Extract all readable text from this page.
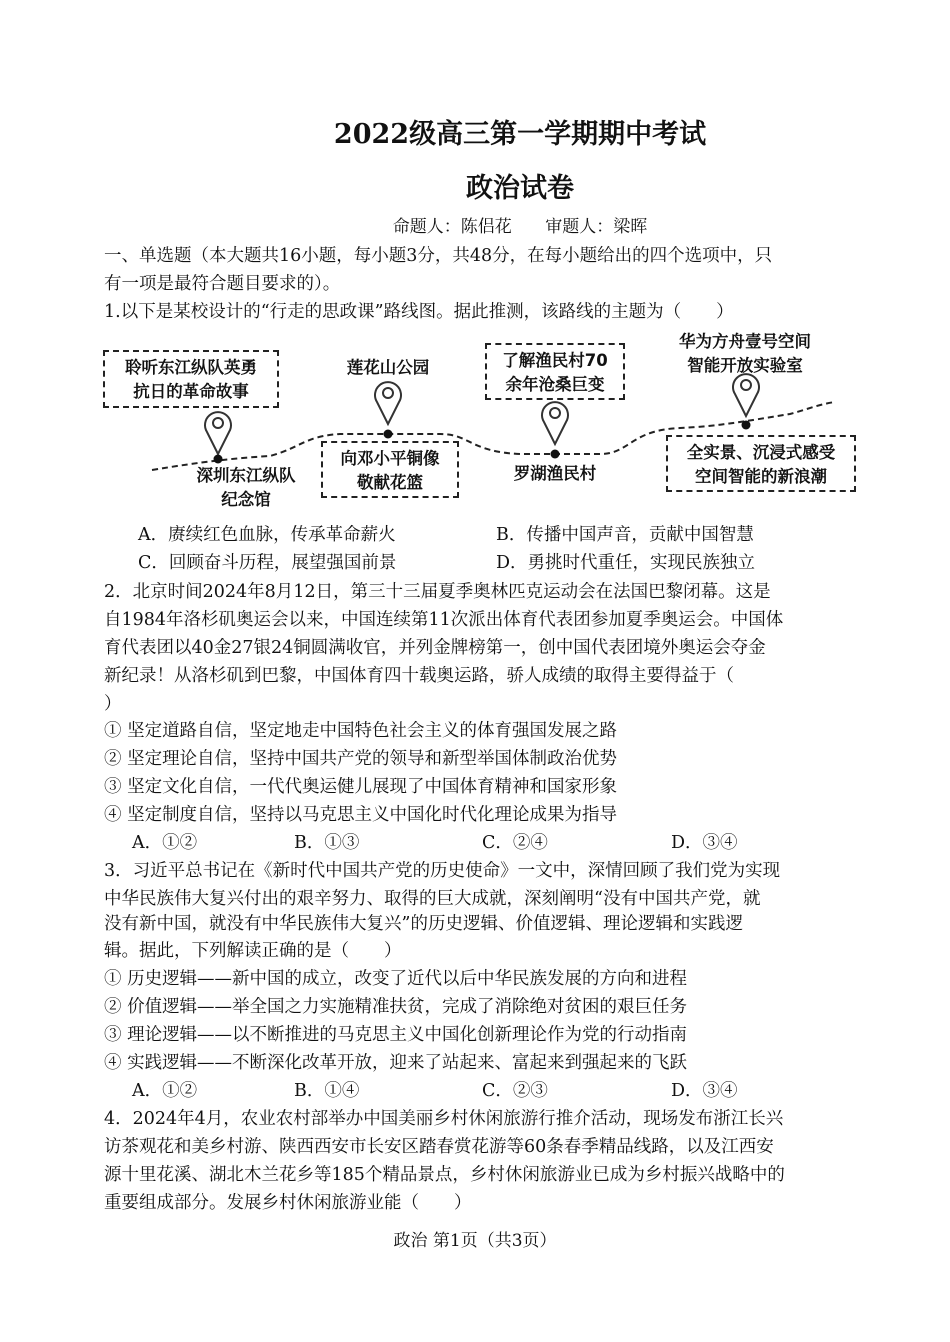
2022级高三第一学期期中考试
政治试卷
命题人：陈侣花 审题人：梁晖
一、单选题（本大题共16小题，每小题3分，共48分，在每小题给出的四个选项中，只
有一项是最符合题目要求的）。
1.以下是某校设计的“行走的思政课”路线图。据此推测，该路线的主题为（　　）
聆听东江纵队英勇
抗日的革命故事
深圳东江纵队
纪念馆
莲花山公园
向邓小平铜像
敬献花篮
了解渔民村70
余年沧桑巨变
罗湖渔民村
华为方舟壹号空间
智能开放实验室
全实景、沉浸式感受
空间智能的新浪潮
A．赓续红色血脉，传承革命薪火	B．传播中国声音，贡献中国智慧
C．回顾奋斗历程，展望强国前景	D．勇挑时代重任，实现民族独立
2．北京时间2024年8月12日，第三十三届夏季奥林匹克运动会在法国巴黎闭幕。这是
自1984年洛杉矶奥运会以来，中国连续第11次派出体育代表团参加夏季奥运会。中国体
育代表团以40金27银24铜圆满收官，并列金牌榜第一，创中国代表团境外奥运会夺金
新纪录！从洛杉矶到巴黎，中国体育四十载奥运路，骄人成绩的取得主要得益于（
）
① 坚定道路自信，坚定地走中国特色社会主义的体育强国发展之路
② 坚定理论自信，坚持中国共产党的领导和新型举国体制政治优势
③ 坚定文化自信，一代代奥运健儿展现了中国体育精神和国家形象
④ 坚定制度自信，坚持以马克思主义中国化时代化理论成果为指导
A．①②	B．①③	C．②④	D．③④
3．习近平总书记在《新时代中国共产党的历史使命》一文中，深情回顾了我们党为实现
中华民族伟大复兴付出的艰辛努力、取得的巨大成就，深刻阐明“没有中国共产党，就
没有新中国，就没有中华民族伟大复兴”的历史逻辑、价值逻辑、理论逻辑和实践逻
辑。据此，下列解读正确的是（　　）
① 历史逻辑——新中国的成立，改变了近代以后中华民族发展的方向和进程
② 价值逻辑——举全国之力实施精准扶贫，完成了消除绝对贫困的艰巨任务
③ 理论逻辑——以不断推进的马克思主义中国化创新理论作为党的行动指南
④ 实践逻辑——不断深化改革开放，迎来了站起来、富起来到强起来的飞跃
A．①②	B．①④	C．②③	D．③④
4．2024年4月，农业农村部举办中国美丽乡村休闲旅游行推介活动，现场发布浙江长兴
访茶观花和美乡村游、陕西西安市长安区踏春赏花游等60条春季精品线路，以及江西安
源十里花溪、湖北木兰花乡等185个精品景点，乡村休闲旅游业已成为乡村振兴战略中的
重要组成部分。发展乡村休闲旅游业能（　　）
政治 第1页（共3页）
